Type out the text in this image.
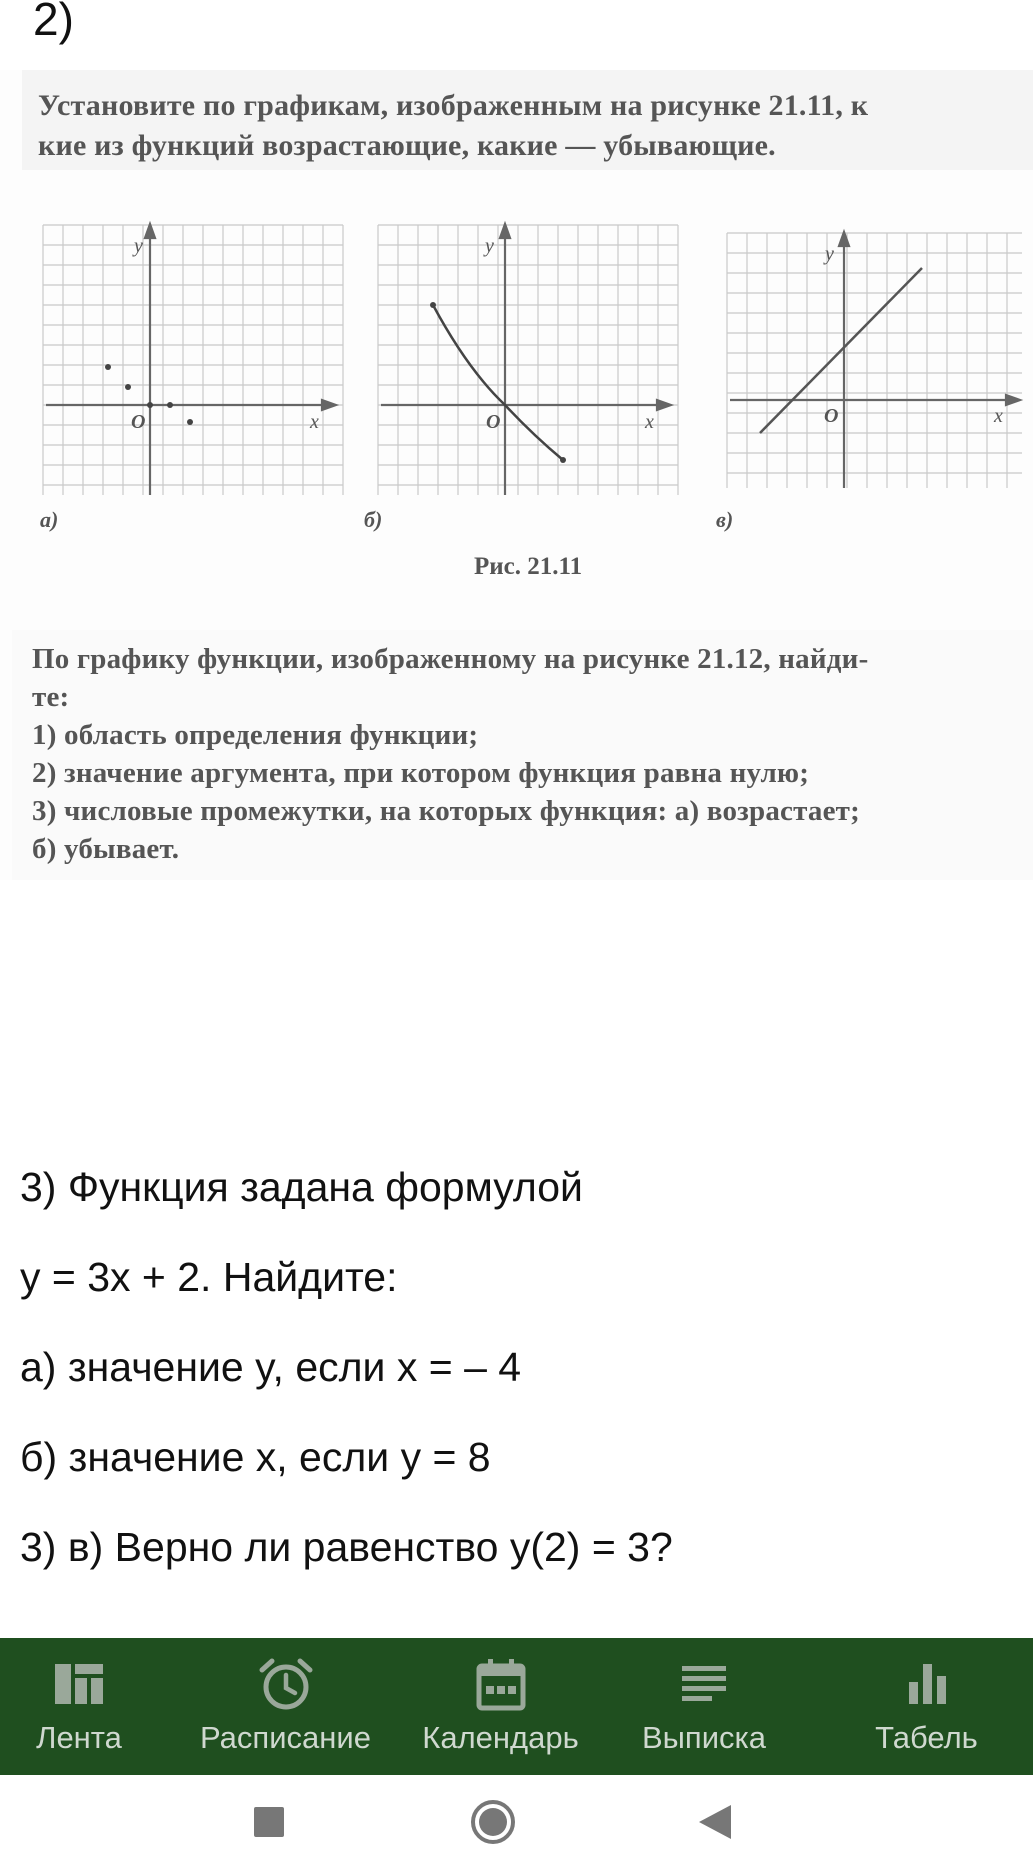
2)
Установите по графикам, изображенным на рисунке 21.11, к
кие из функций возрастающие, какие — убывающие.
O
y
x
а)
O
y
x
б)
O
y
x
в)
Рис. 21.11
По графику функции, изображенному на рисунке 21.12, найди-
те:
1) область определения функции;
2) значение аргумента, при котором функция равна нулю;
3) числовые промежутки, на которых функция: а) возрастает;
б) убывает.
3) Функция задана формулой
y = 3x + 2. Найдите:
а) значение y, если x = – 4
б) значение x, если y = 8
3) в) Верно ли равенство y(2) = 3?
Лента	Расписание Календарь Выписка	Табель
